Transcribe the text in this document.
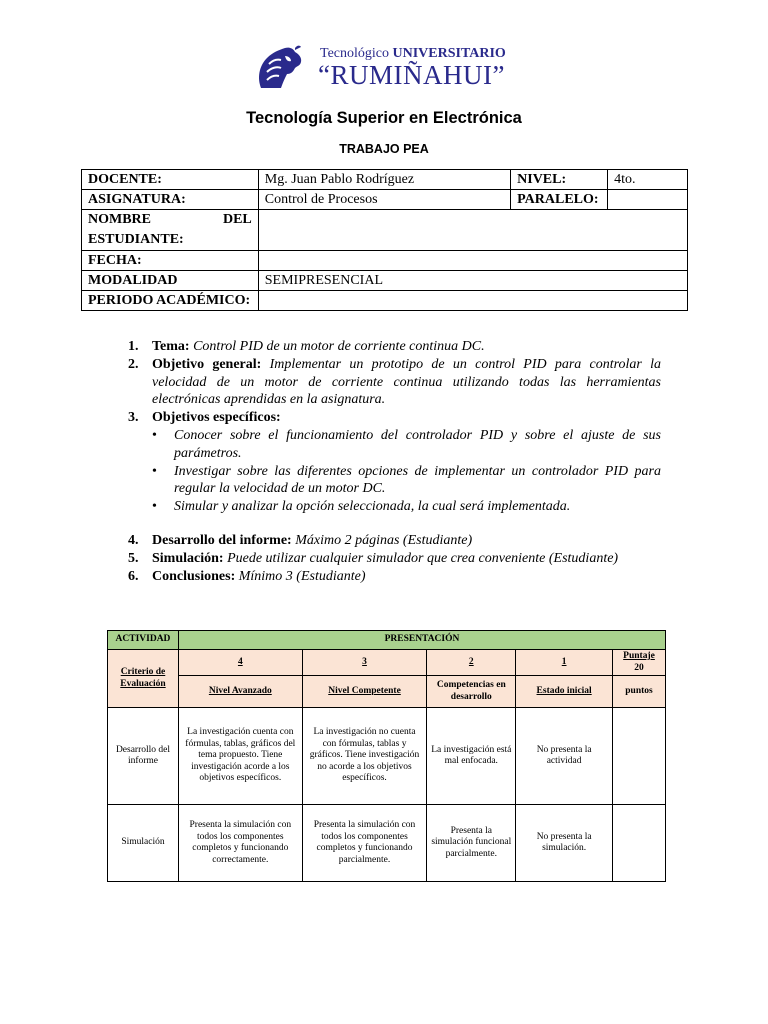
Tecnológico UNIVERSITARIO
“RUMIÑAHUI”
Tecnología Superior en Electrónica
TRABAJO PEA
DOCENTE:	Mg. Juan Pablo Rodríguez	NIVEL:	4to.
ASIGNATURA:	Control de Procesos	PARALELO:	

NOMBRE DEL
ESTUDIANTE:			

FECHA:			
MODALIDAD	SEMIPRESENCIAL		
PERIODO ACADÉMICO:			
1. Tema: Control PID de un motor de corriente continua DC.
2. Objetivo general: Implementar un prototipo de un control PID para controlar la velocidad de un motor de corriente continua utilizando todas las herramientas electrónicas aprendidas en la asignatura.
3. Objetivos específicos:
• Conocer sobre el funcionamiento del controlador PID y sobre el ajuste de sus parámetros.
• Investigar sobre las diferentes opciones de implementar un controlador PID para regular la velocidad de un motor DC.
• Simular y analizar la opción seleccionada, la cual será implementada.
4. Desarrollo del informe: Máximo 2 páginas (Estudiante)
5. Simulación: Puede utilizar cualquier simulador que crea conveniente (Estudiante)
6. Conclusiones: Mínimo 3 (Estudiante)
ACTIVIDAD	PRESENTACIÓN				
Criterio de Evaluación	4	3	2	1	Puntaje
20
	Nivel Avanzado	Nivel Competente	Competencias en desarrollo	Estado inicial	puntos
Desarrollo del informe	La investigación cuenta con fórmulas, tablas, gráficos del tema propuesto. Tiene investigación acorde a los objetivos específicos.	La investigación no cuenta con fórmulas, tablas y gráficos. Tiene investigación no acorde a los objetivos específicos.	La investigación está mal enfocada.	No presenta la actividad	
Simulación	Presenta la simulación con todos los componentes completos y funcionando correctamente.	Presenta la simulación con todos los componentes completos y funcionando parcialmente.	Presenta la simulación funcional parcialmente.	No presenta la simulación.	
